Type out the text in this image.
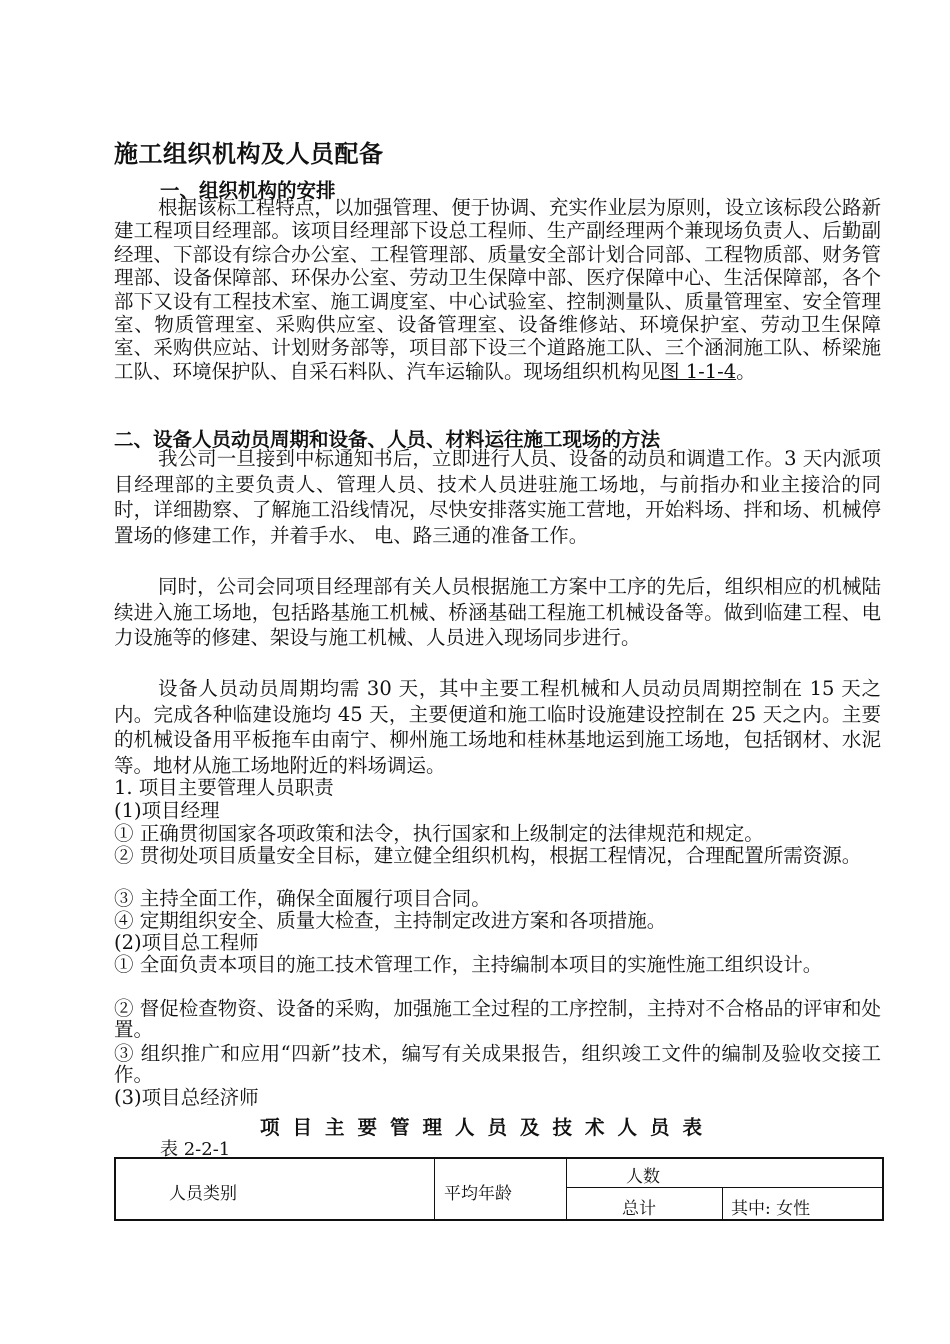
施工组织机构及人员配备
一、组织机构的安排

根据该标工程特点，以加强管理、便于协调、充实作业层为原则，设立该标段公路新建工程项目经理部。该项目经理部下设总工程师、生产副经理两个兼现场负责人、后勤副经理、下部设有综合办公室、工程管理部、质量安全部计划合同部、工程物质部、财务管理部、设备保障部、环保办公室、劳动卫生保障中部、医疗保障中心、生活保障部，各个部下又设有工程技术室、施工调度室、中心试验室、控制测量队、质量管理室、安全管理室、物质管理室、采购供应室、设备管理室、设备维修站、环境保护室、劳动卫生保障室、采购供应站、计划财务部等，项目部下设三个道路施工队、三个涵洞施工队、桥梁施工队、环境保护队、自采石料队、汽车运输队。现场组织机构见图 1-1-4。

二、设备人员动员周期和设备、人员、材料运往施工现场的方法

我公司一旦接到中标通知书后，立即进行人员、设备的动员和调遣工作。3 天内派项目经理部的主要负责人、管理人员、技术人员进驻施工场地，与前指办和业主接洽的同时，详细勘察、了解施工沿线情况，尽快安排落实施工营地，开始料场、拌和场、机械停置场的修建工作，并着手水、 电、路三通的准备工作。

同时，公司会同项目经理部有关人员根据施工方案中工序的先后，组织相应的机械陆续进入施工场地，包括路基施工机械、桥涵基础工程施工机械设备等。做到临建工程、电力设施等的修建、架设与施工机械、人员进入现场同步进行。

设备人员动员周期均需 30 天，其中主要工程机械和人员动员周期控制在 15 天之内。完成各种临建设施均 45 天，主要便道和施工临时设施建设控制在 25 天之内。主要的机械设备用平板拖车由南宁、柳州施工场地和桂林基地运到施工场地，包括钢材、水泥等。地材从施工场地附近的料场调运。

1. 项目主要管理人员职责
(1)项目经理
① 正确贯彻国家各项政策和法令，执行国家和上级制定的法律规范和规定。

② 贯彻处项目质量安全目标，建立健全组织机构，根据工程情况，合理配置所需资源。

③ 主持全面工作，确保全面履行项目合同。
④ 定期组织安全、质量大检查，主持制定改进方案和各项措施。
(2)项目总工程师

① 全面负责本项目的施工技术管理工作，主持编制本项目的实施性施工组织设计。

② 督促检查物资、设备的采购，加强施工全过程的工序控制，主持对不合格品的评审和处置。

③ 组织推广和应用“四新”技术，编写有关成果报告，组织竣工文件的编制及验收交接工作。

(3)项目总经济师
项目主要管理人员及技术人员表
表 2-2-1
人员类别	平均年龄
人数
总计	其中: 女性
